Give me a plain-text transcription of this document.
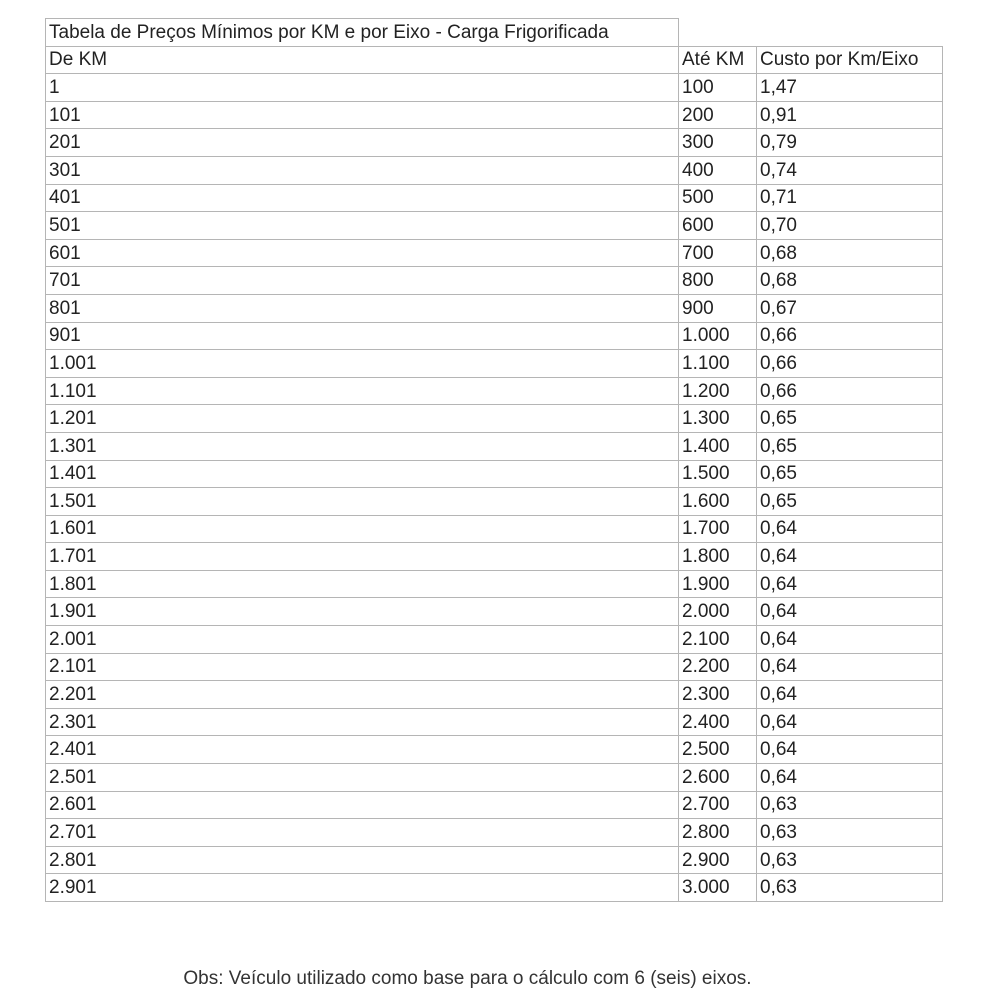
Tabela de Preços Mínimos por KM e por Eixo - Carga Frigorificada		
De KM	Até KM	Custo por Km/Eixo
1	100	1,47
101	200	0,91
201	300	0,79
301	400	0,74
401	500	0,71
501	600	0,70
601	700	0,68
701	800	0,68
801	900	0,67
901	1.000	0,66
1.001	1.100	0,66
1.101	1.200	0,66
1.201	1.300	0,65
1.301	1.400	0,65
1.401	1.500	0,65
1.501	1.600	0,65
1.601	1.700	0,64
1.701	1.800	0,64
1.801	1.900	0,64
1.901	2.000	0,64
2.001	2.100	0,64
2.101	2.200	0,64
2.201	2.300	0,64
2.301	2.400	0,64
2.401	2.500	0,64
2.501	2.600	0,64
2.601	2.700	0,63
2.701	2.800	0,63
2.801	2.900	0,63
2.901	3.000	0,63
Obs: Veículo utilizado como base para o cálculo com 6 (seis) eixos.
